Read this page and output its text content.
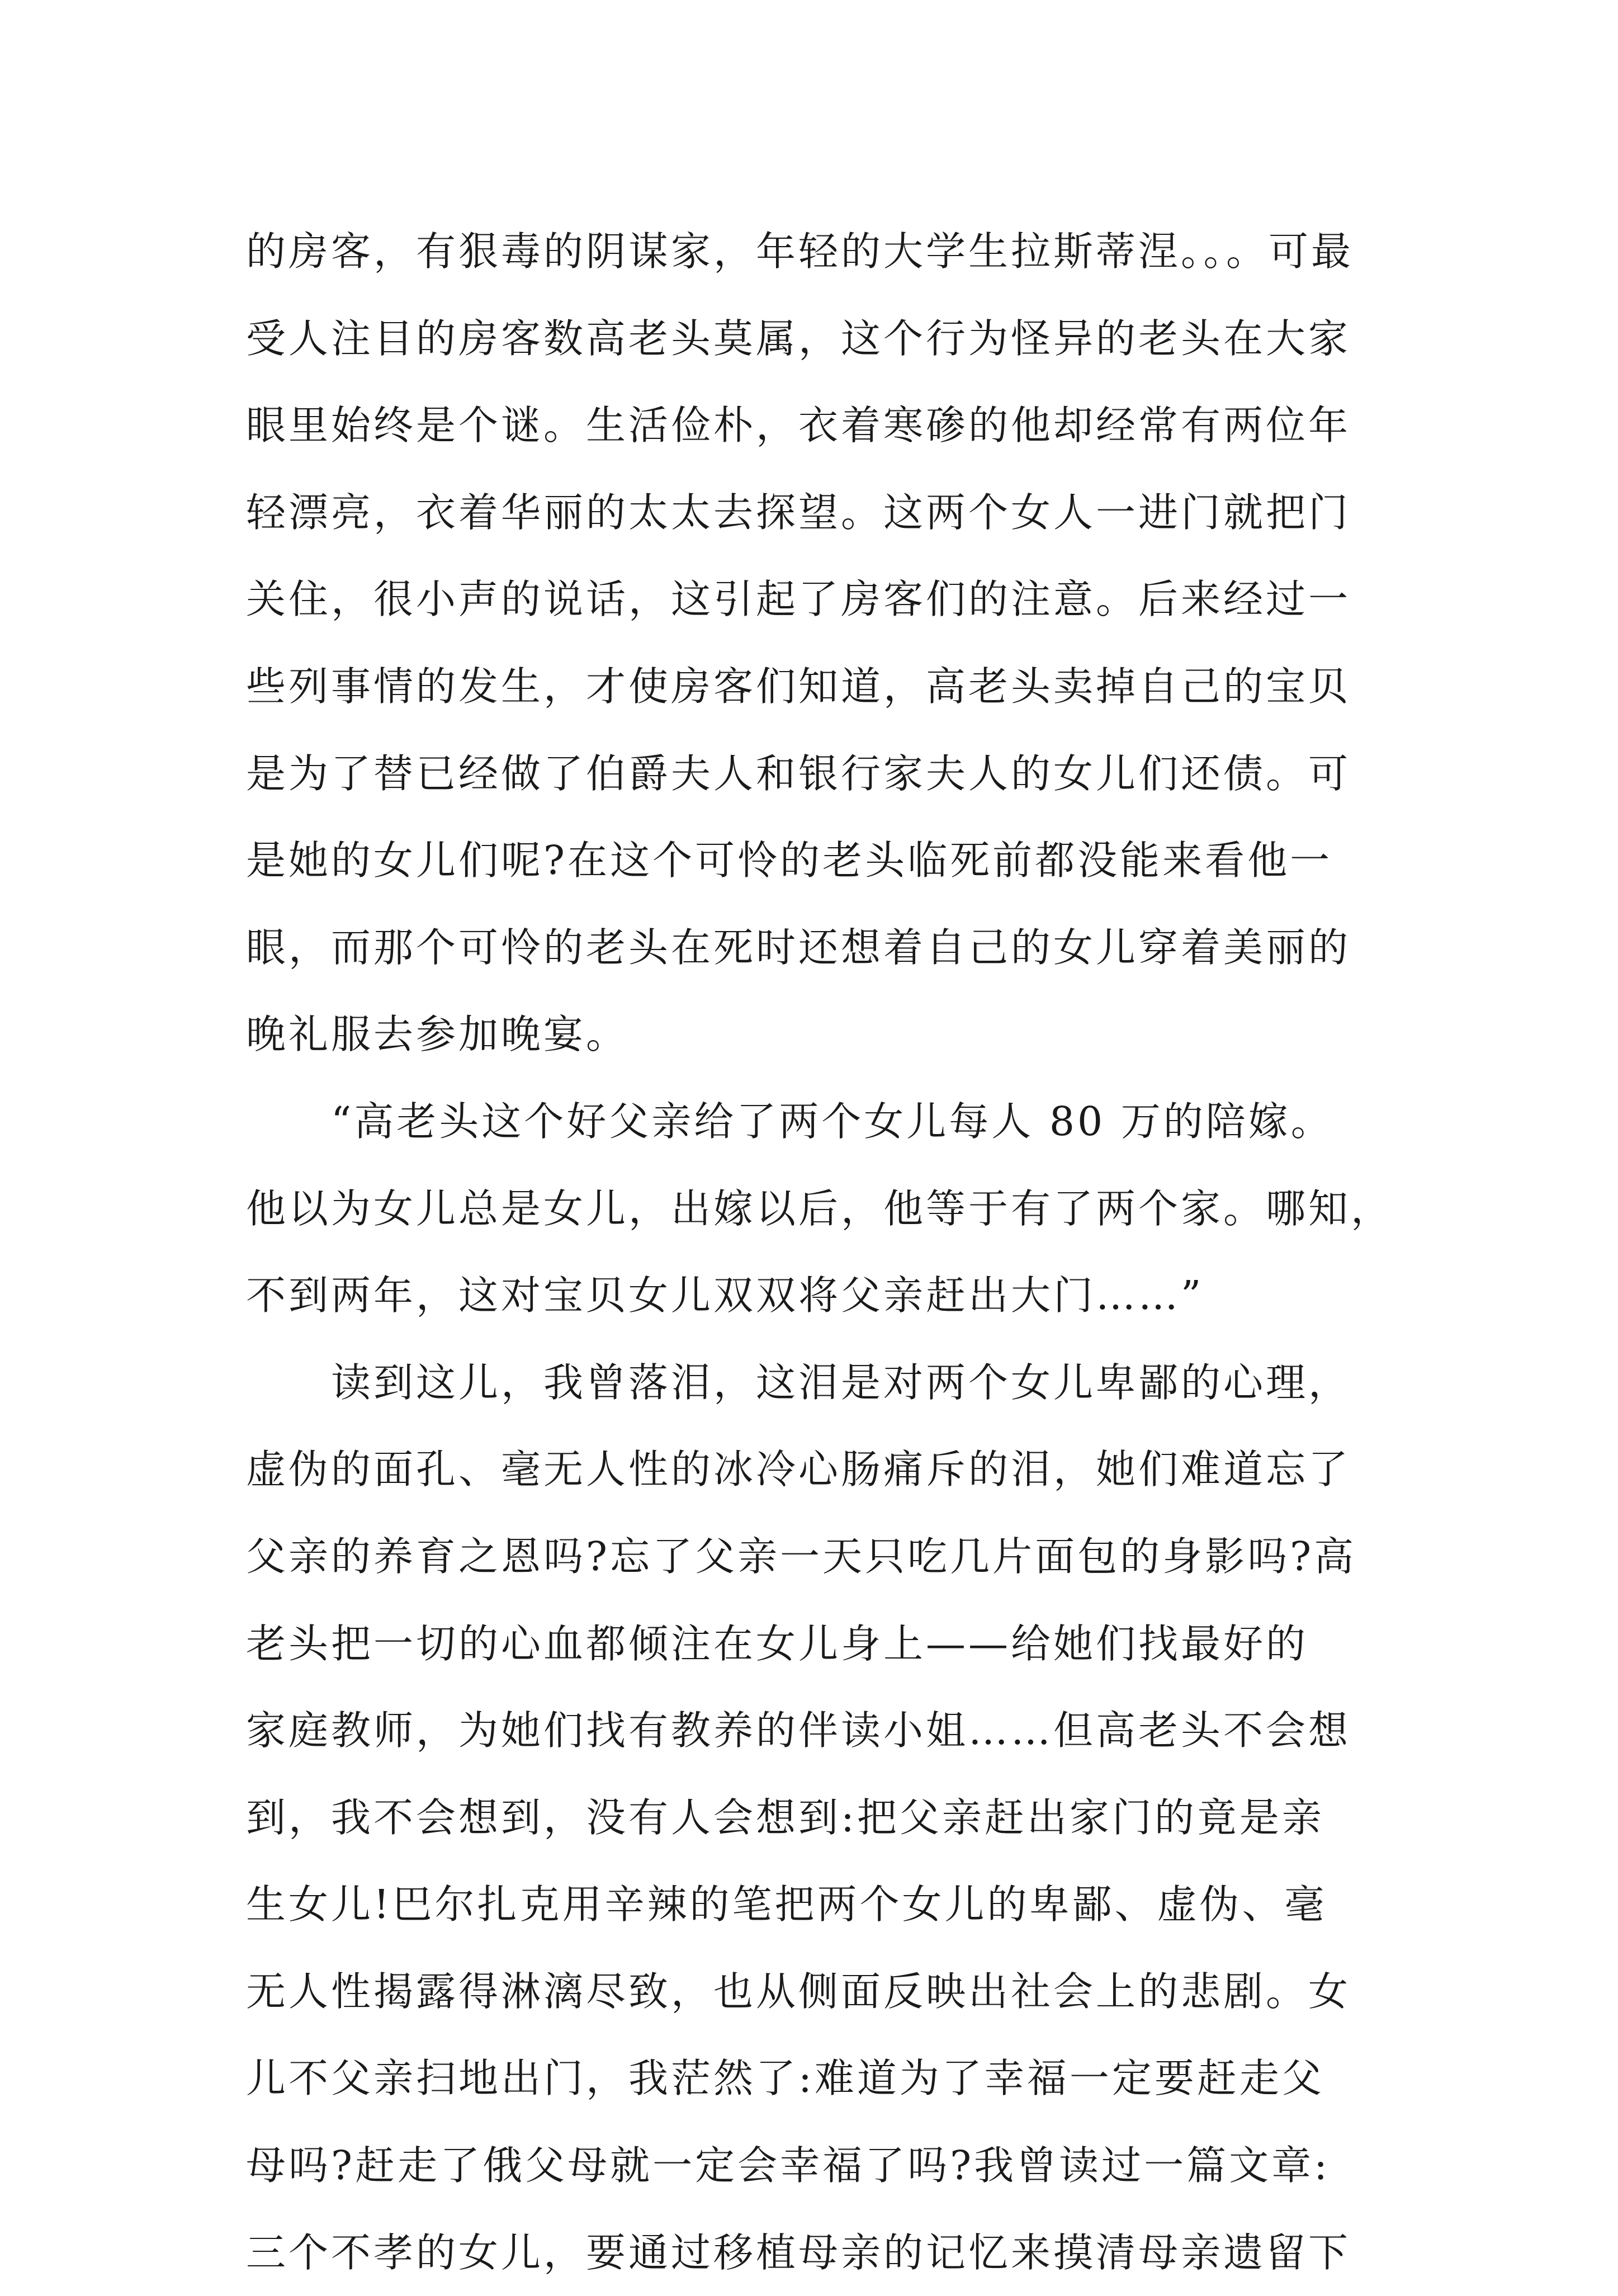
的房客，有狠毒的阴谋家，年轻的大学生拉斯蒂涅。。。可最
受人注目的房客数高老头莫属，这个行为怪异的老头在大家
眼里始终是个谜。生活俭朴，衣着寒碜的他却经常有两位年
轻漂亮，衣着华丽的太太去探望。这两个女人一进门就把门
关住，很小声的说话，这引起了房客们的注意。后来经过一
些列事情的发生，才使房客们知道，高老头卖掉自己的宝贝
是为了替已经做了伯爵夫人和银行家夫人的女儿们还债。可
是她的女儿们呢?在这个可怜的老头临死前都没能来看他一
眼，而那个可怜的老头在死时还想着自己的女儿穿着美丽的
晚礼服去参加晚宴。
“高老头这个好父亲给了两个女儿每人 80 万的陪嫁。
他以为女儿总是女儿，出嫁以后，他等于有了两个家。哪知，
不到两年，这对宝贝女儿双双将父亲赶出大门……”
读到这儿，我曾落泪，这泪是对两个女儿卑鄙的心理，
虚伪的面孔、毫无人性的冰冷心肠痛斥的泪，她们难道忘了
父亲的养育之恩吗?忘了父亲一天只吃几片面包的身影吗?高
老头把一切的心血都倾注在女儿身上——给她们找最好的
家庭教师，为她们找有教养的伴读小姐……但高老头不会想
到，我不会想到，没有人会想到:把父亲赶出家门的竟是亲
生女儿!巴尔扎克用辛辣的笔把两个女儿的卑鄙、虚伪、毫
无人性揭露得淋漓尽致，也从侧面反映出社会上的悲剧。女
儿不父亲扫地出门，我茫然了:难道为了幸福一定要赶走父
母吗?赶走了俄父母就一定会幸福了吗?我曾读过一篇文章:
三个不孝的女儿，要通过移植母亲的记忆来摸清母亲遗留下
